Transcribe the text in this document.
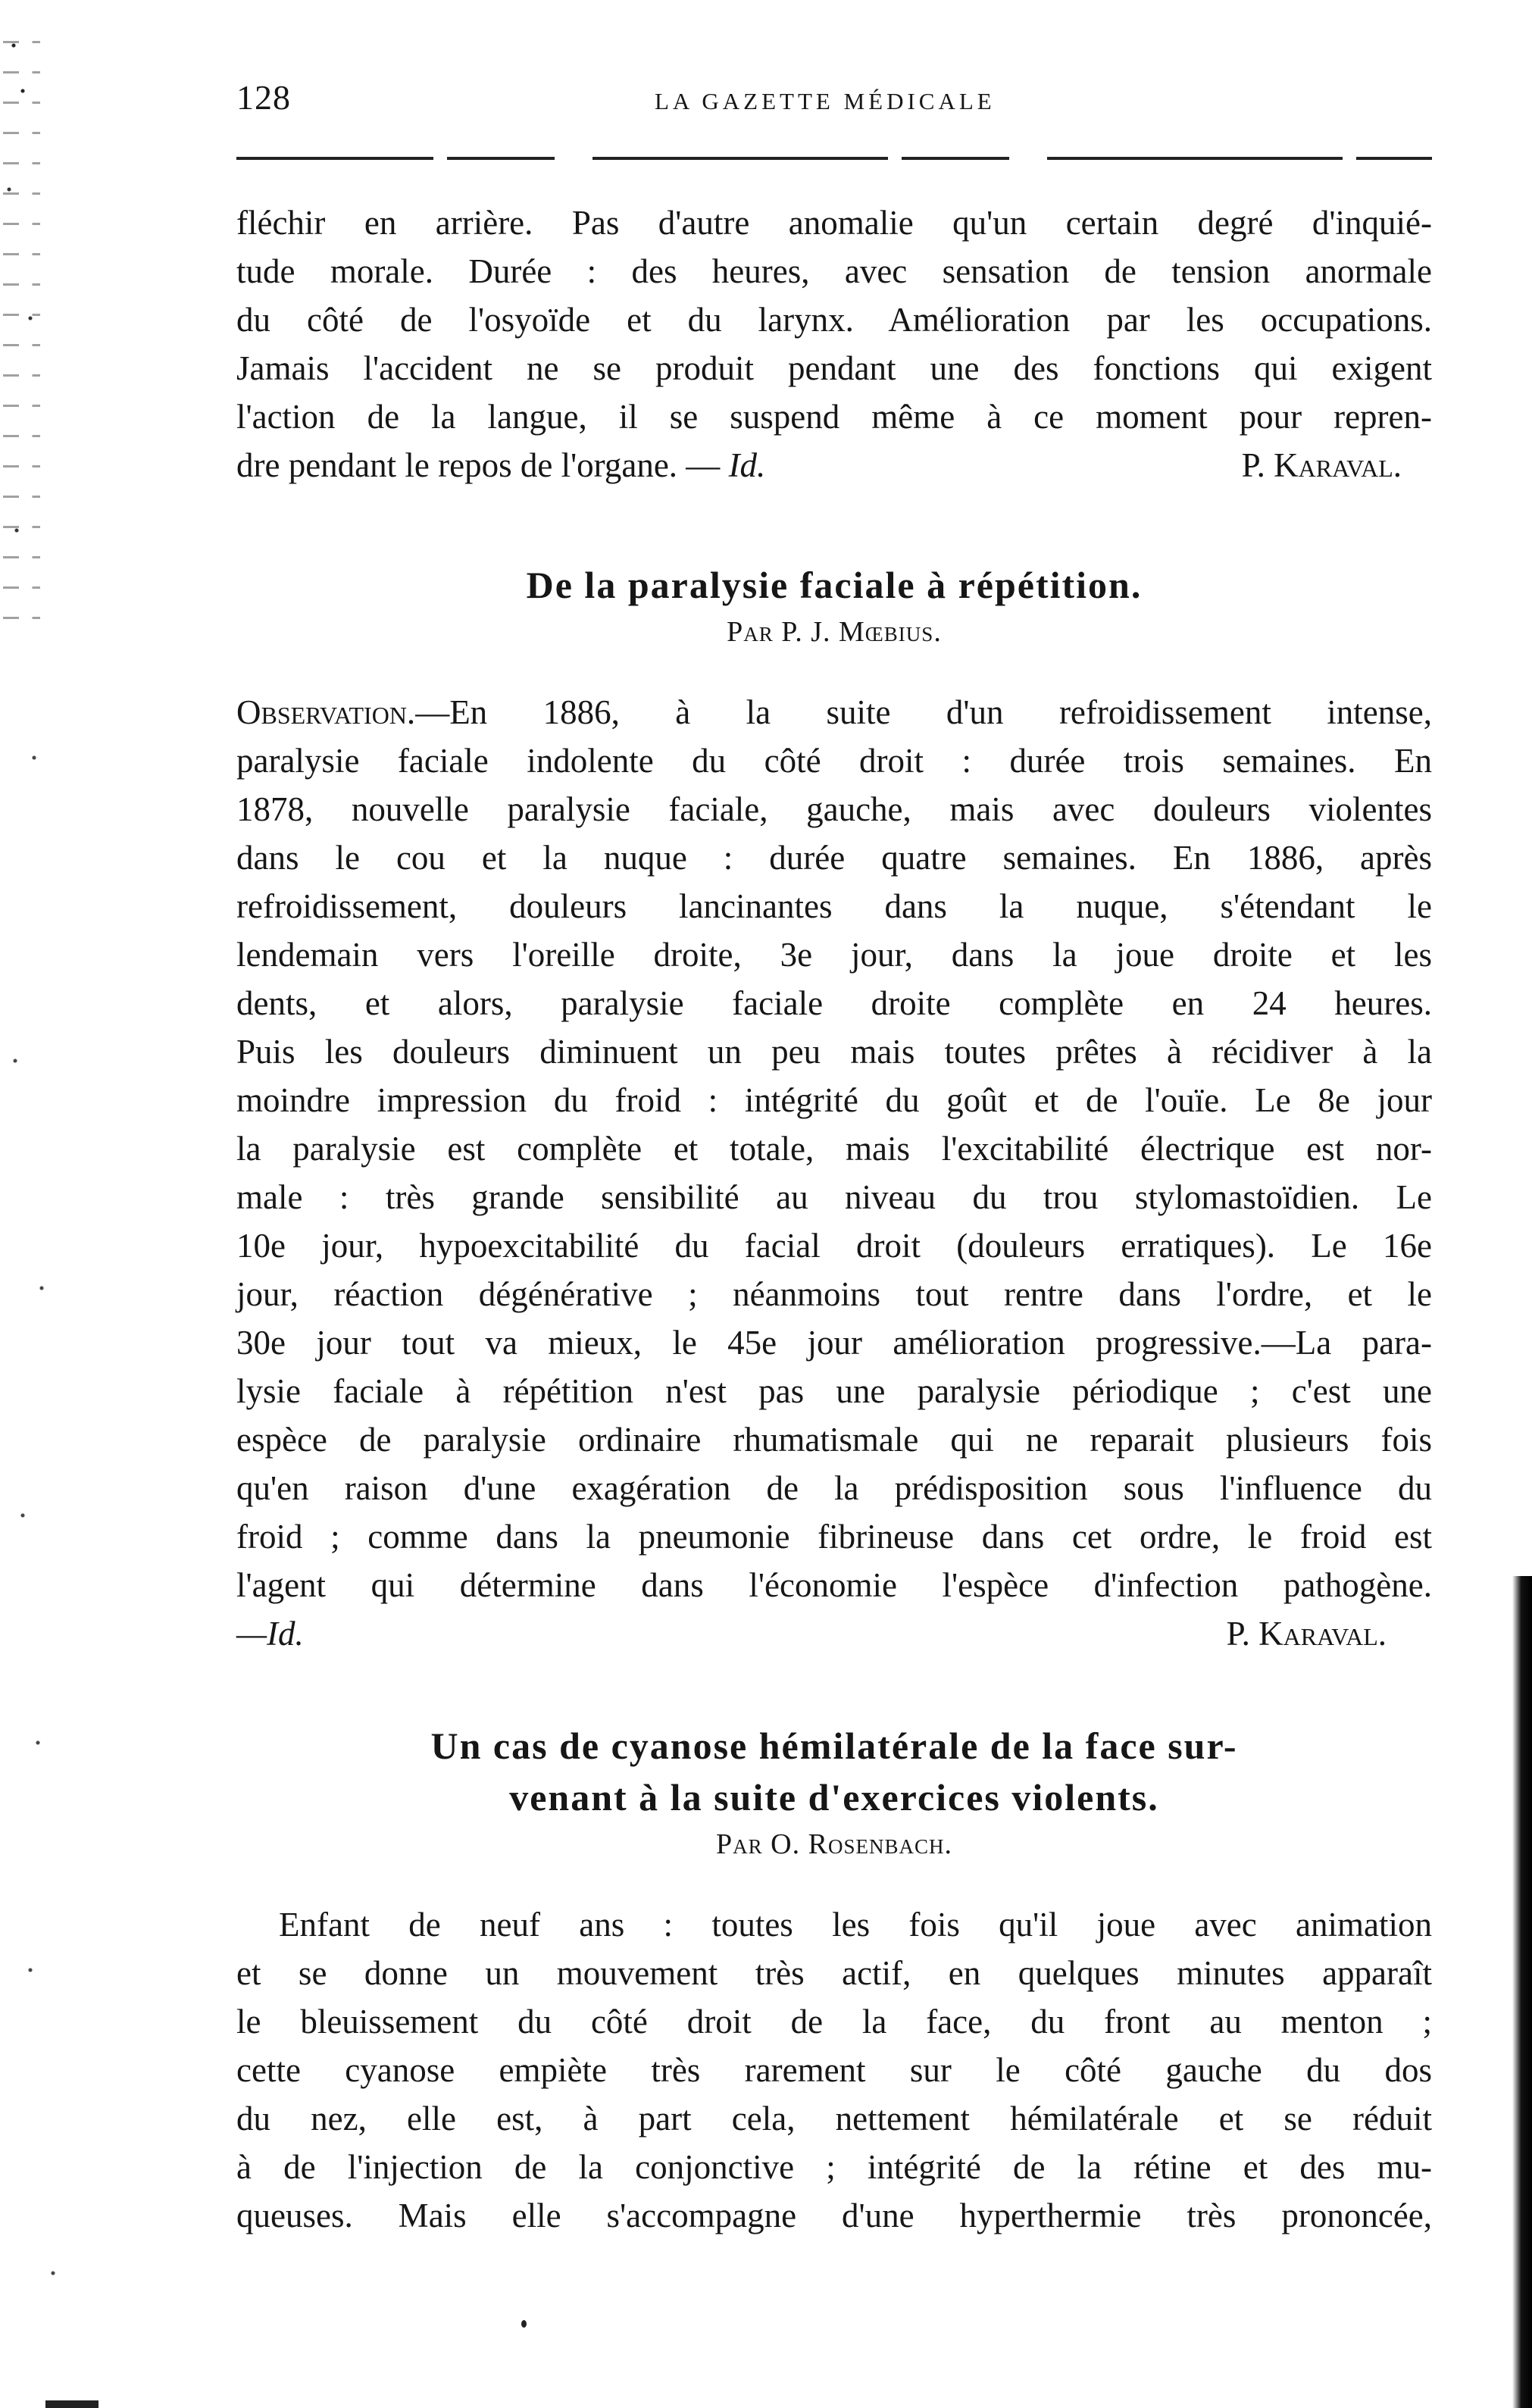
128	LA GAZETTE MÉDICALE
fléchir en arrière. Pas d'autre anomalie qu'un certain degré d'inquié-
tude morale. Durée : des heures, avec sensation de tension anormale
du côté de l'osyoïde et du larynx. Amélioration par les occupations.
Jamais l'accident ne se produit pendant une des fonctions qui exigent
l'action de la langue, il se suspend même à ce moment pour repren-
dre pendant le repos de l'organe. — Id.	P. Karaval.
De la paralysie faciale à répétition.
Par P. J. Mœbius.
Observation.—En 1886, à la suite d'un refroidissement intense,
paralysie faciale indolente du côté droit : durée trois semaines. En
1878, nouvelle paralysie faciale, gauche, mais avec douleurs violentes
dans le cou et la nuque : durée quatre semaines. En 1886, après
refroidissement, douleurs lancinantes dans la nuque, s'étendant le
lendemain vers l'oreille droite, 3e jour, dans la joue droite et les
dents, et alors, paralysie faciale droite complète en 24 heures.
Puis les douleurs diminuent un peu mais toutes prêtes à récidiver à la
moindre impression du froid : intégrité du goût et de l'ouïe. Le 8e jour
la paralysie est complète et totale, mais l'excitabilité électrique est nor-
male : très grande sensibilité au niveau du trou stylomastoïdien. Le
10e jour, hypoexcitabilité du facial droit (douleurs erratiques). Le 16e
jour, réaction dégénérative ; néanmoins tout rentre dans l'ordre, et le
30e jour tout va mieux, le 45e jour amélioration progressive.—La para-
lysie faciale à répétition n'est pas une paralysie périodique ; c'est une
espèce de paralysie ordinaire rhumatismale qui ne reparait plusieurs fois
qu'en raison d'une exagération de la prédisposition sous l'influence du
froid ; comme dans la pneumonie fibrineuse dans cet ordre, le froid est
l'agent qui détermine dans l'économie l'espèce d'infection pathogène.
—Id.	P. Karaval.
Un cas de cyanose hémilatérale de la face sur-
venant à la suite d'exercices violents.
Par O. Rosenbach.
Enfant de neuf ans : toutes les fois qu'il joue avec animation
et se donne un mouvement très actif, en quelques minutes apparaît
le bleuissement du côté droit de la face, du front au menton ;
cette cyanose empiète très rarement sur le côté gauche du dos
du nez, elle est, à part cela, nettement hémilatérale et se réduit
à de l'injection de la conjonctive ; intégrité de la rétine et des mu-
queuses. Mais elle s'accompagne d'une hyperthermie très prononcée,
